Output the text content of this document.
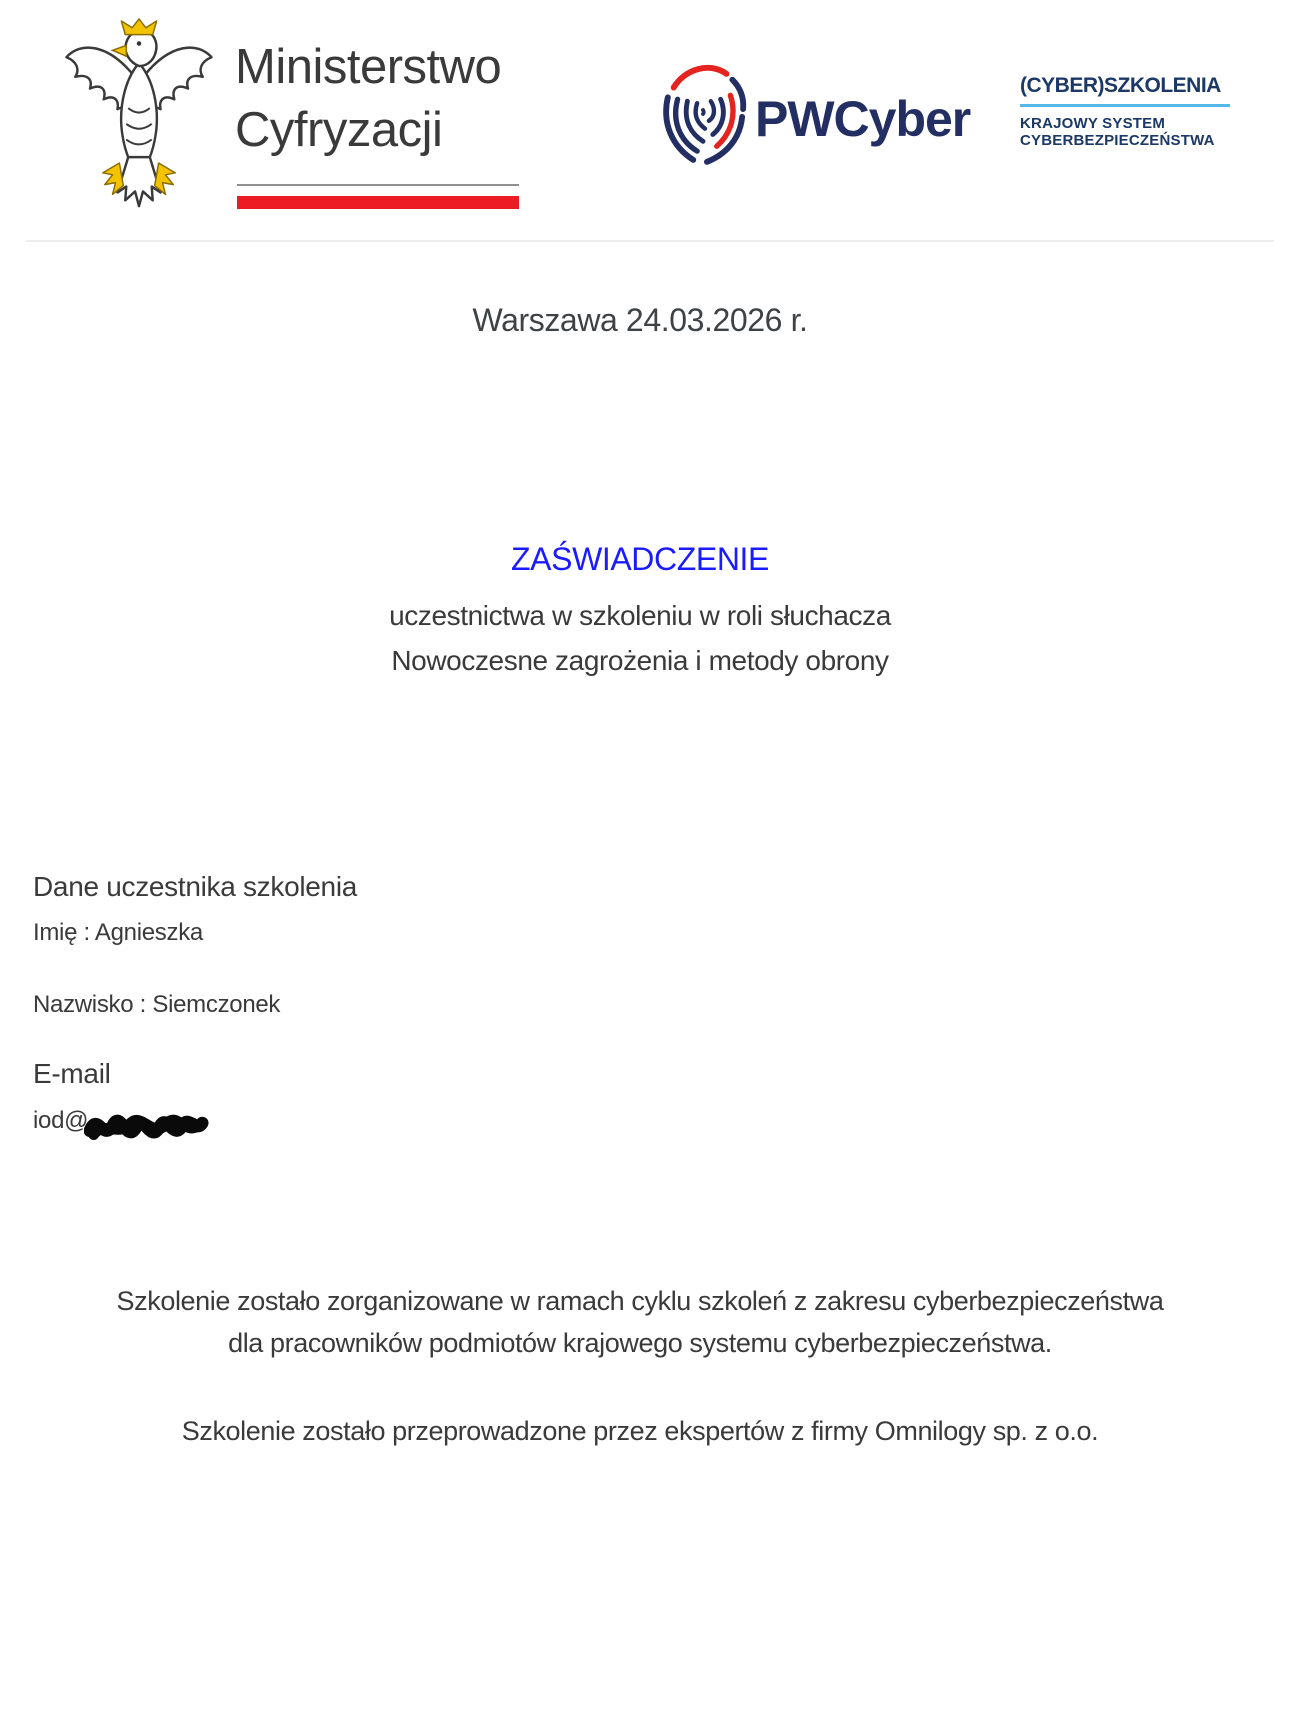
Ministerstwo
Cyfryzacji	PWCyber
(CYBER)SZKOLENIA
KRAJOWY SYSTEM
CYBERBEZPIECZEŃSTWA
Warszawa 24.03.2026 r.
ZAŚWIADCZENIE
uczestnictwa w szkoleniu w roli słuchacza
Nowoczesne zagrożenia i metody obrony
Dane uczestnika szkolenia
Imię : Agnieszka
Nazwisko : Siemczonek
E-mail
iod@
Szkolenie zostało zorganizowane w ramach cyklu szkoleń z zakresu cyberbezpieczeństwa
dla pracowników podmiotów krajowego systemu cyberbezpieczeństwa.
Szkolenie zostało przeprowadzone przez ekspertów z firmy Omnilogy sp. z o.o.
